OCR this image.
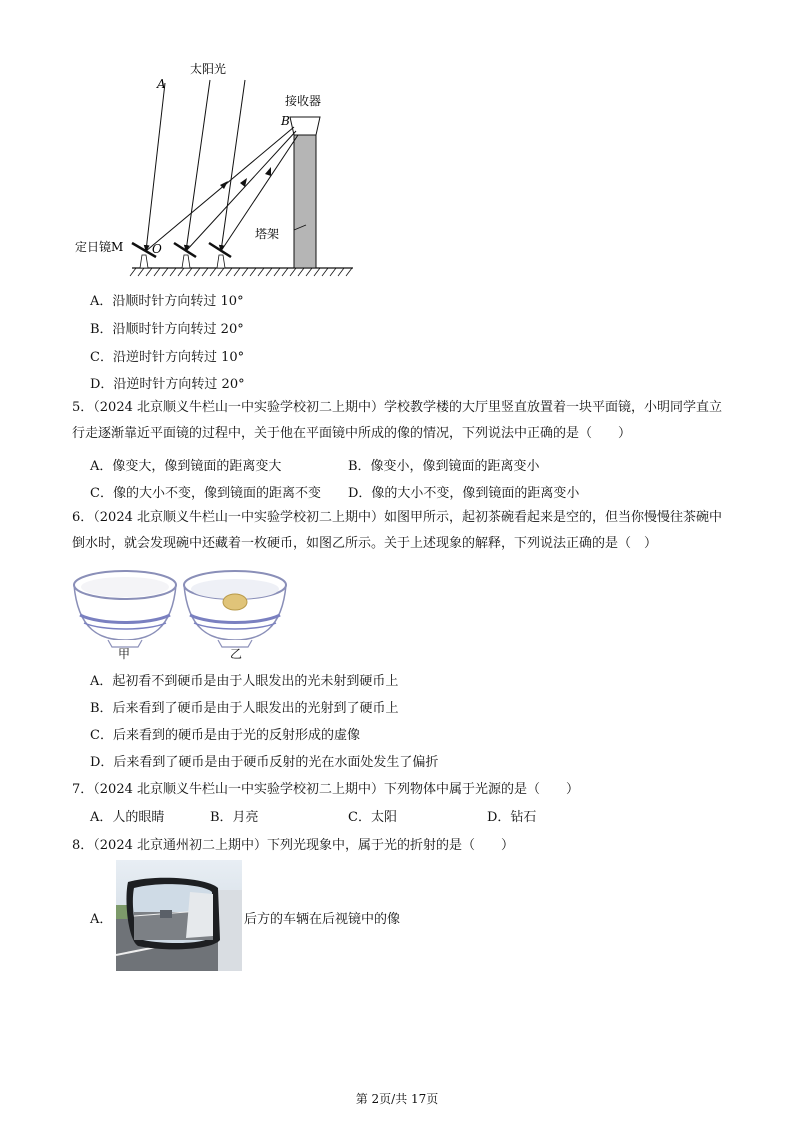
A
太阳光
接收器
B
定日镜M O
塔架
A．沿顺时针方向转过 10°
B．沿顺时针方向转过 20°
C．沿逆时针方向转过 10°
D．沿逆时针方向转过 20°
5．（2024 北京顺义牛栏山一中实验学校初二上期中）学校教学楼的大厅里竖直放置着一块平面镜，小明同学直立行走逐渐靠近平面镜的过程中，关于他在平面镜中所成的像的情况，下列说法中正确的是（　　）
A．像变大，像到镜面的距离变大	B．像变小，像到镜面的距离变小
C．像的大小不变，像到镜面的距离不变 D．像的大小不变，像到镜面的距离变小
6．（2024 北京顺义牛栏山一中实验学校初二上期中）如图甲所示，起初茶碗看起来是空的，但当你慢慢往茶碗中倒水时，就会发现碗中还藏着一枚硬币，如图乙所示。关于上述现象的解释，下列说法正确的是（　）
甲	乙
A．起初看不到硬币是由于人眼发出的光未射到硬币上
B．后来看到了硬币是由于人眼发出的光射到了硬币上
C．后来看到的硬币是由于光的反射形成的虚像
D．后来看到了硬币是由于硬币反射的光在水面处发生了偏折
7．（2024 北京顺义牛栏山一中实验学校初二上期中）下列物体中属于光源的是（　　）
A．人的眼睛	B．月亮	C．太阳	D．钻石
8．（2024 北京通州初二上期中）下列光现象中，属于光的折射的是（　　）
A．	后方的车辆在后视镜中的像
第 2页/共 17页
